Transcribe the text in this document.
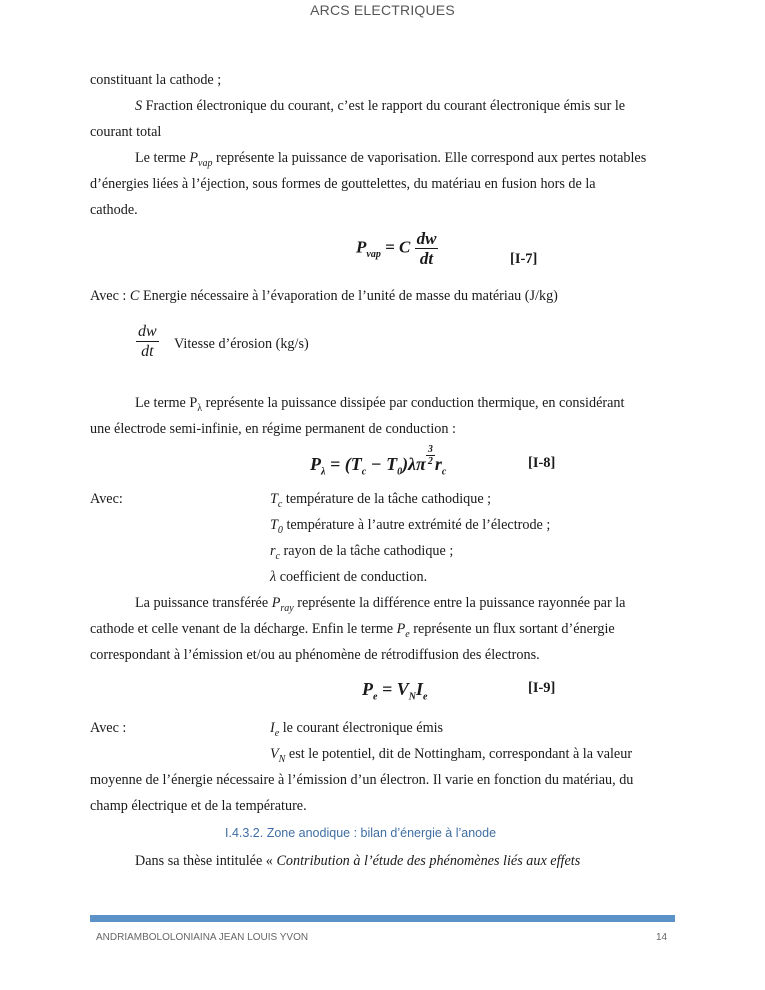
ARCS ELECTRIQUES
constituant la cathode ;
S Fraction électronique du courant, c’est le rapport du courant électronique émis sur le
courant total
Le terme $P_{vap}$ représente la puissance de vaporisation. Elle correspond aux pertes notables
d’énergies liées à l’éjection, sous formes de gouttelettes, du matériau en fusion hors de la
cathode.
$P_{vap} = C \frac{dw}{dt}$	[I-7]
Avec : C Energie nécessaire à l’évaporation de l’unité de masse du matériau (J/kg)
$\frac{dw}{dt}$ Vitesse d’érosion (kg/s)
Le terme $P_\lambda$ représente la puissance dissipée par conduction thermique, en considérant
une électrode semi-infinie, en régime permanent de conduction :
$P_\lambda = (T_c - T_0)\lambda\pi \frac{3}{2} r_c$
[I-8]
Avec:	$T_c$ température de la tâche cathodique ;
$T_0$ température à l’autre extrémité de l’électrode ;
$r_c$ rayon de la tâche cathodique ;
λ coefficient de conduction.
La puissance transférée $P_{ray}$ représente la différence entre la puissance rayonnée par la
cathode et celle venant de la décharge. Enfin le terme $P_e$ représente un flux sortant d’énergie
correspondant à l’émission et/ou au phénomène de rétrodiffusion des électrons.
$P_e = V_NI_e$
[I-9]
Avec :	$I_e$ le courant électronique émis
$V_N$ est le potentiel, dit de Nottingham, correspondant à la valeur
moyenne de l’énergie nécessaire à l’émission d’un électron. Il varie en fonction du matériau, du
champ électrique et de la température.
I.4.3.2. Zone anodique : bilan d’énergie à l’anode
Dans sa thèse intitulée « Contribution à l’étude des phénomènes liés aux effets
ANDRIAMBOLOLONIAINA JEAN LOUIS YVON	14
